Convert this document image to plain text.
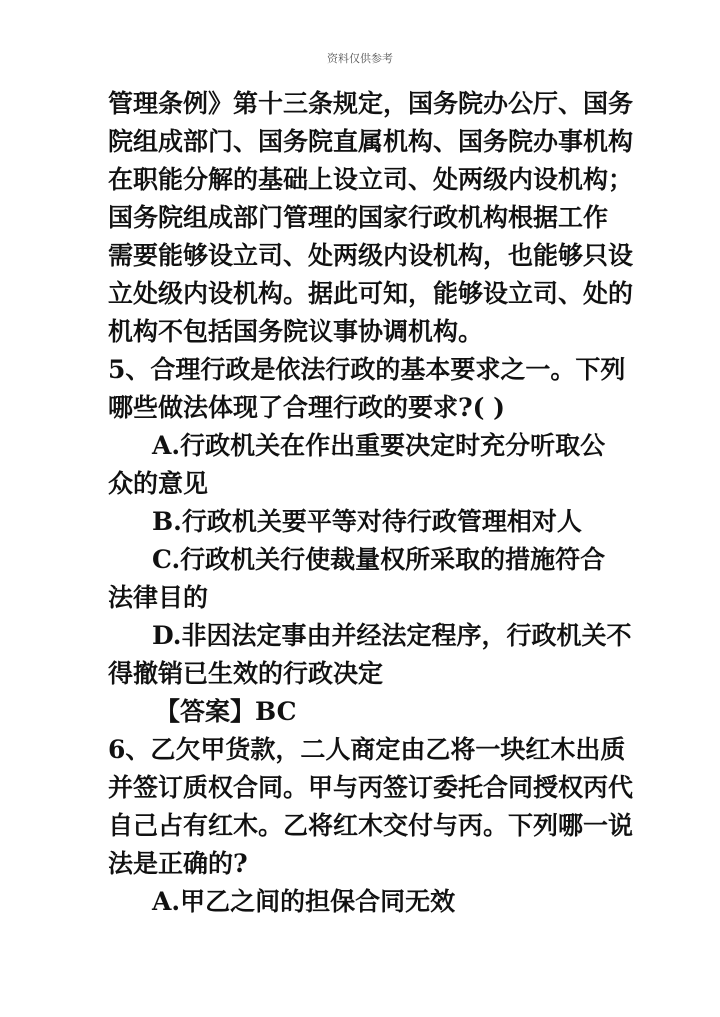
资料仅供参考

管理条例》第十三条规定，国务院办公厅、国务

院组成部门、国务院直属机构、国务院办事机构

在职能分解的基础上设立司、处两级内设机构；

国务院组成部门管理的国家行政机构根据工作

需要能够设立司、处两级内设机构，也能够只设

立处级内设机构。据此可知，能够设立司、处的

机构不包括国务院议事协调机构。

5、合理行政是依法行政的基本要求之一。下列

哪些做法体现了合理行政的要求?( )

A.行政机关在作出重要决定时充分听取公

众的意见

B.行政机关要平等对待行政管理相对人

C.行政机关行使裁量权所采取的措施符合

法律目的

D.非因法定事由并经法定程序，行政机关不

得撤销已生效的行政决定

【答案】BC

6、乙欠甲货款，二人商定由乙将一块红木出质

并签订质权合同。甲与丙签订委托合同授权丙代

自己占有红木。乙将红木交付与丙。下列哪一说

法是正确的?

A.甲乙之间的担保合同无效
